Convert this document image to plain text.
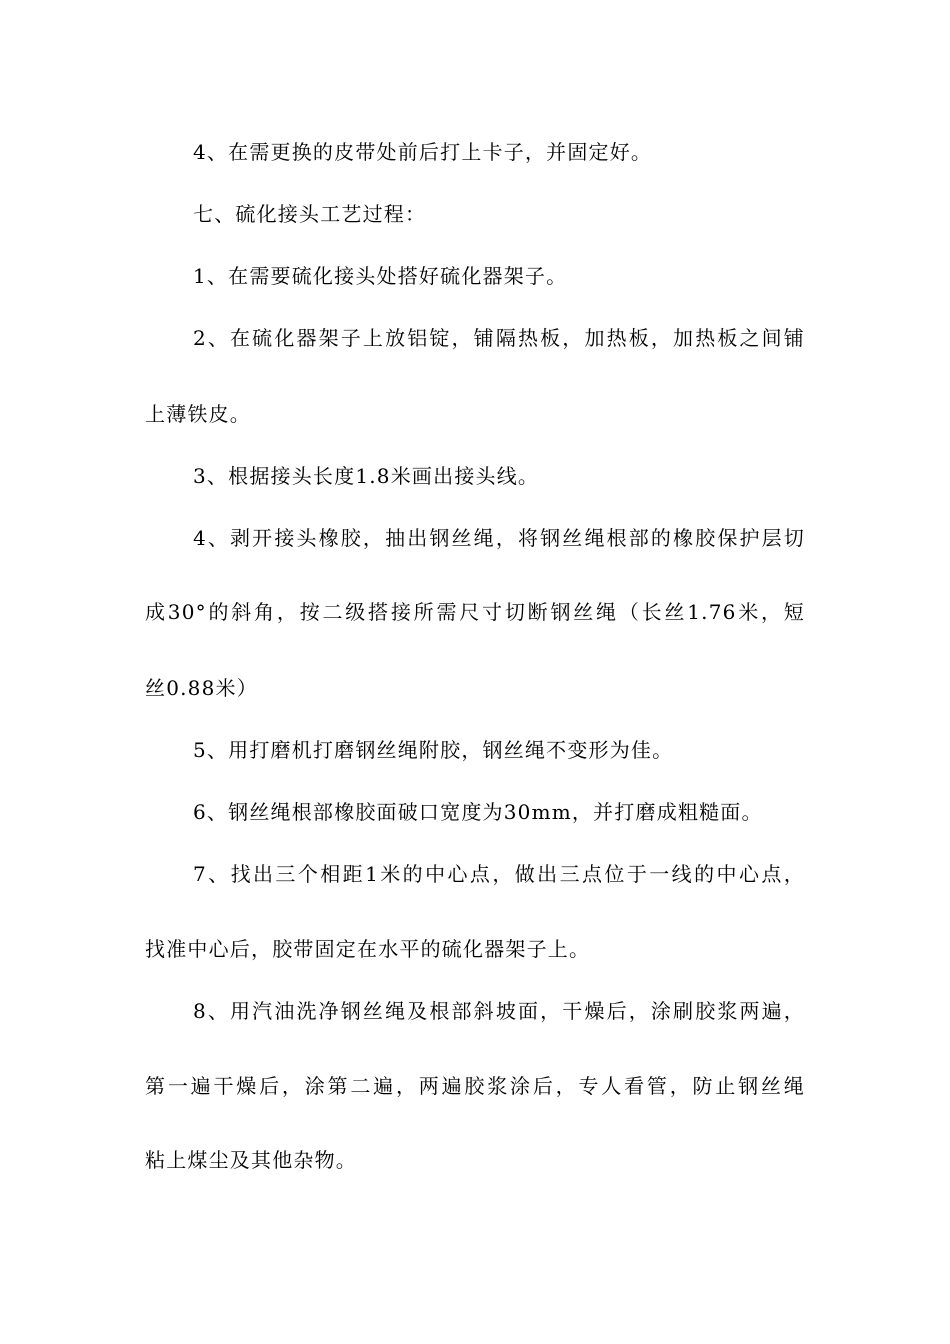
4、在需更换的皮带处前后打上卡子，并固定好。
七、硫化接头工艺过程：
1、在需要硫化接头处搭好硫化器架子。
2、在硫化器架子上放铝锭，铺隔热板，加热板，加热板之间铺
上薄铁皮。
3、根据接头长度1.8米画出接头线。
4、剥开接头橡胶，抽出钢丝绳，将钢丝绳根部的橡胶保护层切
成30°的斜角，按二级搭接所需尺寸切断钢丝绳（长丝1.76米，短
丝0.88米）
5、用打磨机打磨钢丝绳附胶，钢丝绳不变形为佳。
6、钢丝绳根部橡胶面破口宽度为30mm，并打磨成粗糙面。
7、找出三个相距1米的中心点，做出三点位于一线的中心点，
找准中心后，胶带固定在水平的硫化器架子上。
8、用汽油洗净钢丝绳及根部斜坡面，干燥后，涂刷胶浆两遍，
第一遍干燥后，涂第二遍，两遍胶浆涂后，专人看管，防止钢丝绳
粘上煤尘及其他杂物。
